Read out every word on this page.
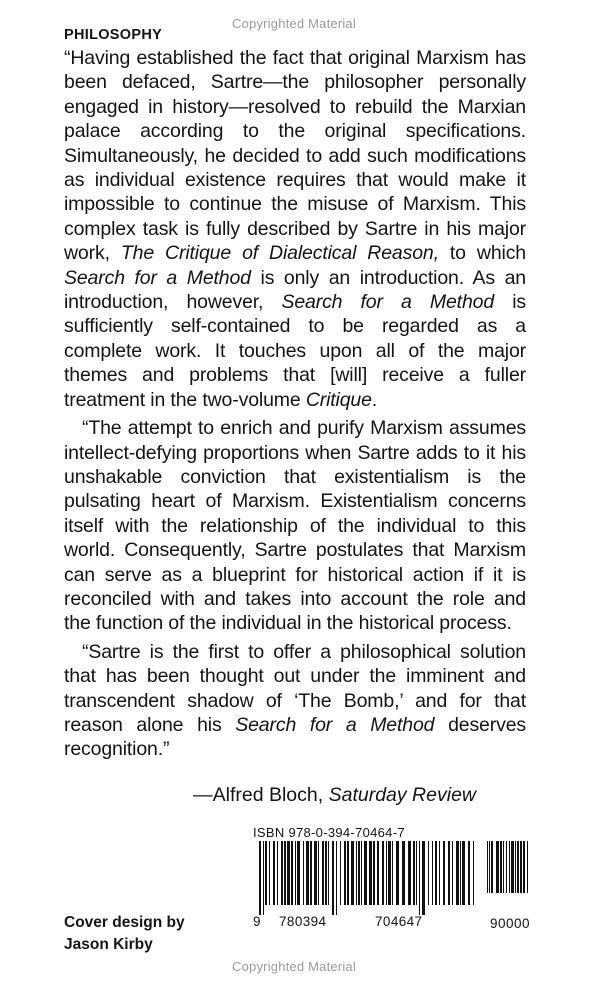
Copyrighted Material
PHILOSOPHY

“Having established the fact that original Marxism has been defaced, Sartre—the philosopher personally engaged in history—resolved to rebuild the Marxian palace according to the original specifications. Simultaneously, he decided to add such modifications as individual existence requires that would make it impossible to continue the misuse of Marxism. This complex task is fully described by Sartre in his major work, The Critique of Dialectical Reason, to which Search for a Method is only an introduction. As an introduction, however, Search for a Method is sufficiently self-contained to be regarded as a complete work. It touches upon all of the major themes and problems that [will] receive a fuller treatment in the two-volume Critique.

“The attempt to enrich and purify Marxism assumes intellect-defying proportions when Sartre adds to it his unshakable conviction that existentialism is the pulsating heart of Marxism. Existentialism concerns itself with the relationship of the individual to this world. Consequently, Sartre postulates that Marxism can serve as a blueprint for historical action if it is reconciled with and takes into account the role and the function of the individual in the historical process.

“Sartre is the first to offer a philosophical solution that has been thought out under the imminent and transcendent shadow of ‘The Bomb,’ and for that reason alone his Search for a Method deserves recognition.”

—Alfred Bloch, Saturday Review
ISBN 978-0-394-70464-7
9 780394	704647	90000
Cover design by
Jason Kirby
Copyrighted Material
